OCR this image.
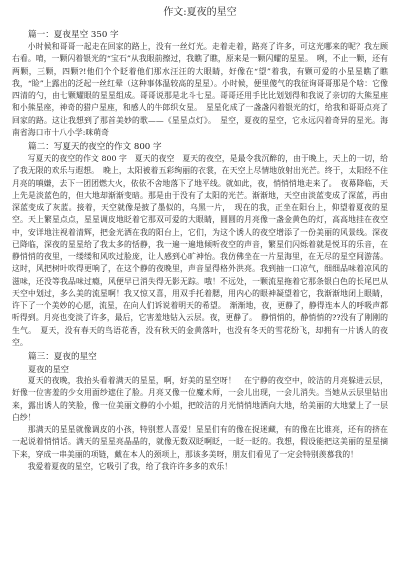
作文:夏夜的星空
篇一：夏夜星空 350 字

小时候和哥哥一起走在回家的路上，没有一丝灯光。走着走着，路亮了许多，可这光哪来的呢？我左顾右看。唷，一颗闪着银光的“宝石”从我眼前擦过，我瞧了瞧，原来是一颗闪耀的星星。　咧，不止一颗，还有两颗，三颗，四颗?!他们个个眨着他们那水汪汪的大眼睛，好像在“望”着我，有颗可爱的小星星瞧了瞧我，“睑”上露出的泛起一丝红晕（这种事体温较高的星星）。小时候，便里傻气的我征询哥哥那是个啥：它像四清的勺，由七颗耀眼的星星组成。哥哥说那是北斗七星。哥哥还用手比比划划得和我说了亲切的大熊星座和小熊星座，神奇的猎户星座，和感人的牛郎织女星。　星星化成了一盏盏闪着银光的灯，给我和哥哥点亮了回家的路。这让我想到了那首美妙的歌——《星星点灯》。　星空，夏夜的星空，它永远闪着奇异的星光。海南省海口市十八小学:咪萌奇

篇二：写夏天的夜空的作文 800 字

写夏天的夜空的作文 800 字　夏天的夜空　夏天的夜空，是最令我沉醉的，由于晚上，天上的一切，给了我无限的欢乐与遐想。　晚上，太阳被着五彩绚丽的衣裳，在天空上尽情地放射出光芒。终于，太阳经不住月亮的嗔嫌，去下一团团燃大火，依依不舍地落下了地平线。就如此，夜，悄悄悄地走来了。　夜幕降临，天上先是淡蓝色的，但大地却渐渐变暗。那是由于没有了太阳的光芒。渐渐地，天空由淡蓝变成了深蓝，再由深蓝变成了灰蓝。接着，天空就像是披了墨似的，乌黑一片，　现在的我，正坐在阳台上，仰望着夏夜的星空。天上繁星点点，星星调皮地眨着它那双可爱的大眼睛，圆圆的月亮像一盏金黄色的灯，高高地挂在夜空中，安详地注视着清辉，把金光洒在我的阳台上，它们，为这个诱人的夜空增添了一份美丽的风景线。深夜已降临，深夜的星星给了我太多的恬静，我一遍一遍地倾听夜空的声音，繁星们闪烁着就是悦耳的乐音，在静悄悄的夜里，一缕缕和风吹过脸庞，让人感到心旷神怡。我仿佛坐在一片星海里，在无尽的星空间游荡。这时，风把树叶吹得更响了，在这个静的夜晚里，声音显得格外洪亮。我到抽一口凉气，细细品味着凉风的滋味，还没等我品味过瘾，风便早已消失得无影无踪。哦！不远处，一颗流星拖着它那条银白色的长尾巴从天空中划过，多么美的流星啊！我又惊又喜，用双手托着腮，用内心的眼神凝望着它，我渐渐地闭上眼睛，许下了一个美妙的心愿，流星，在向人们诉说着明天的希望。　渐渐地，夜，更静了，静得连本人的呼吸声都听得到。月亮也变淡了许多，最后，它害羞地钻入云层。夜，更静了。　静悄悄的，静悄悄的??没有了刚刚的生气。　夏天，没有春天的鸟语花香，没有秋天的金黄落叶，也没有冬天的雪花纷飞，却拥有一片诱人的夜空。

篇三：夏夜的星空
夏夜的星空

夏天的夜晚，我抬头看着满天的星星，啊，好美的星空呀！　在宁静的夜空中，皎洁的月亮躲进云层，好像一位害羞的少女用面纱遮住了脸。月亮又像一位魔术师，一会儿出现，一会儿消失。当她从云层里钻出来，露出诱人的笑脸，像一位美丽文静的小小姐，把皎洁的月光悄悄地洒向大地，给美丽的大地蒙上了一层白纱！

那满天的星星就像调皮的小孩，特别惹人喜爱！星星们有的像在捉迷藏，有的像在比谁亮，还有的挤在一起说着悄悄话。满天的星星亮晶晶的，就像无数双眨啊眨，一眨一眨的。我想，假设能把这美丽的星星摘下来，穿成一串美丽的项链，戴在本人的颈项上，那该多美呀，朋友们看见了一定会特别羡慕我的！

我爱着夏夜的星空，它吸引了我，给了我许许多多的欢乐！
